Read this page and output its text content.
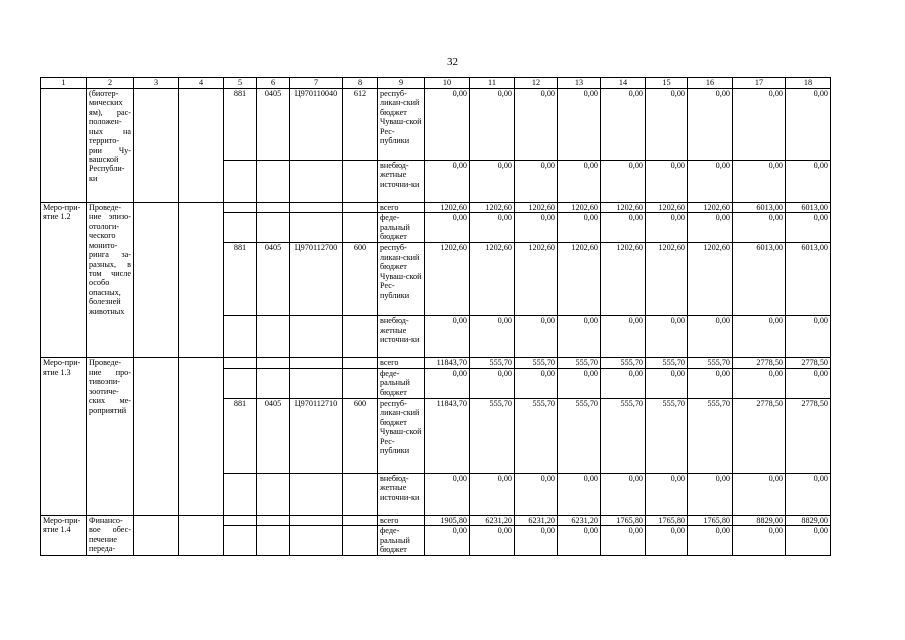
32
1	2	3	4	5	6	7	8	9	10	11	12	13	14	15	16	17	18
	(биотер-мических ям), рас-положен-ных на террито-рии Чу-вашской Республи-ки			881	0405	Ц970110040	612	респуб-ликан-ский бюджет Чуваш-ской Рес-публики	0,00	0,00	0,00	0,00	0,00	0,00	0,00	0,00	0,00
								внебюд-жетные источни-ки	0,00	0,00	0,00	0,00	0,00	0,00	0,00	0,00	0,00
Меро-при-ятие 1.2	Проведе-ние эпизо-отологи-ческого монито-ринга за-разных, в том числе особо опасных, болезней животных							всего	1202,60	1202,60	1202,60	1202,60	1202,60	1202,60	1202,60	6013,00	6013,00
								феде-ральный бюджет	0,00	0,00	0,00	0,00	0,00	0,00	0,00	0,00	0,00
				881	0405	Ц970112700	600	респуб-ликан-ский бюджет Чуваш-ской Рес-публики	1202,60	1202,60	1202,60	1202,60	1202,60	1202,60	1202,60	6013,00	6013,00
								внебюд-жетные источни-ки	0,00	0,00	0,00	0,00	0,00	0,00	0,00	0,00	0,00
Меро-при-ятие 1.3	Проведе-ние про-тивоэпи-зоотиче-ских ме-роприятий							всего	11843,70	555,70	555,70	555,70	555,70	555,70	555,70	2778,50	2778,50
								феде-ральный бюджет	0,00	0,00	0,00	0,00	0,00	0,00	0,00	0,00	0,00
				881	0405	Ц970112710	600	респуб-ликан-ский бюджет Чуваш-ской Рес-публики	11843,70	555,70	555,70	555,70	555,70	555,70	555,70	2778,50	2778,50
								внебюд-жетные источни-ки	0,00	0,00	0,00	0,00	0,00	0,00	0,00	0,00	0,00
Меро-при-ятие 1.4	Финансо-вое обес-печение переда-							всего	1905,80	6231,20	6231,20	6231,20	1765,80	1765,80	1765,80	8829,00	8829,00
								феде-ральный бюджет	0,00	0,00	0,00	0,00	0,00	0,00	0,00	0,00	0,00
